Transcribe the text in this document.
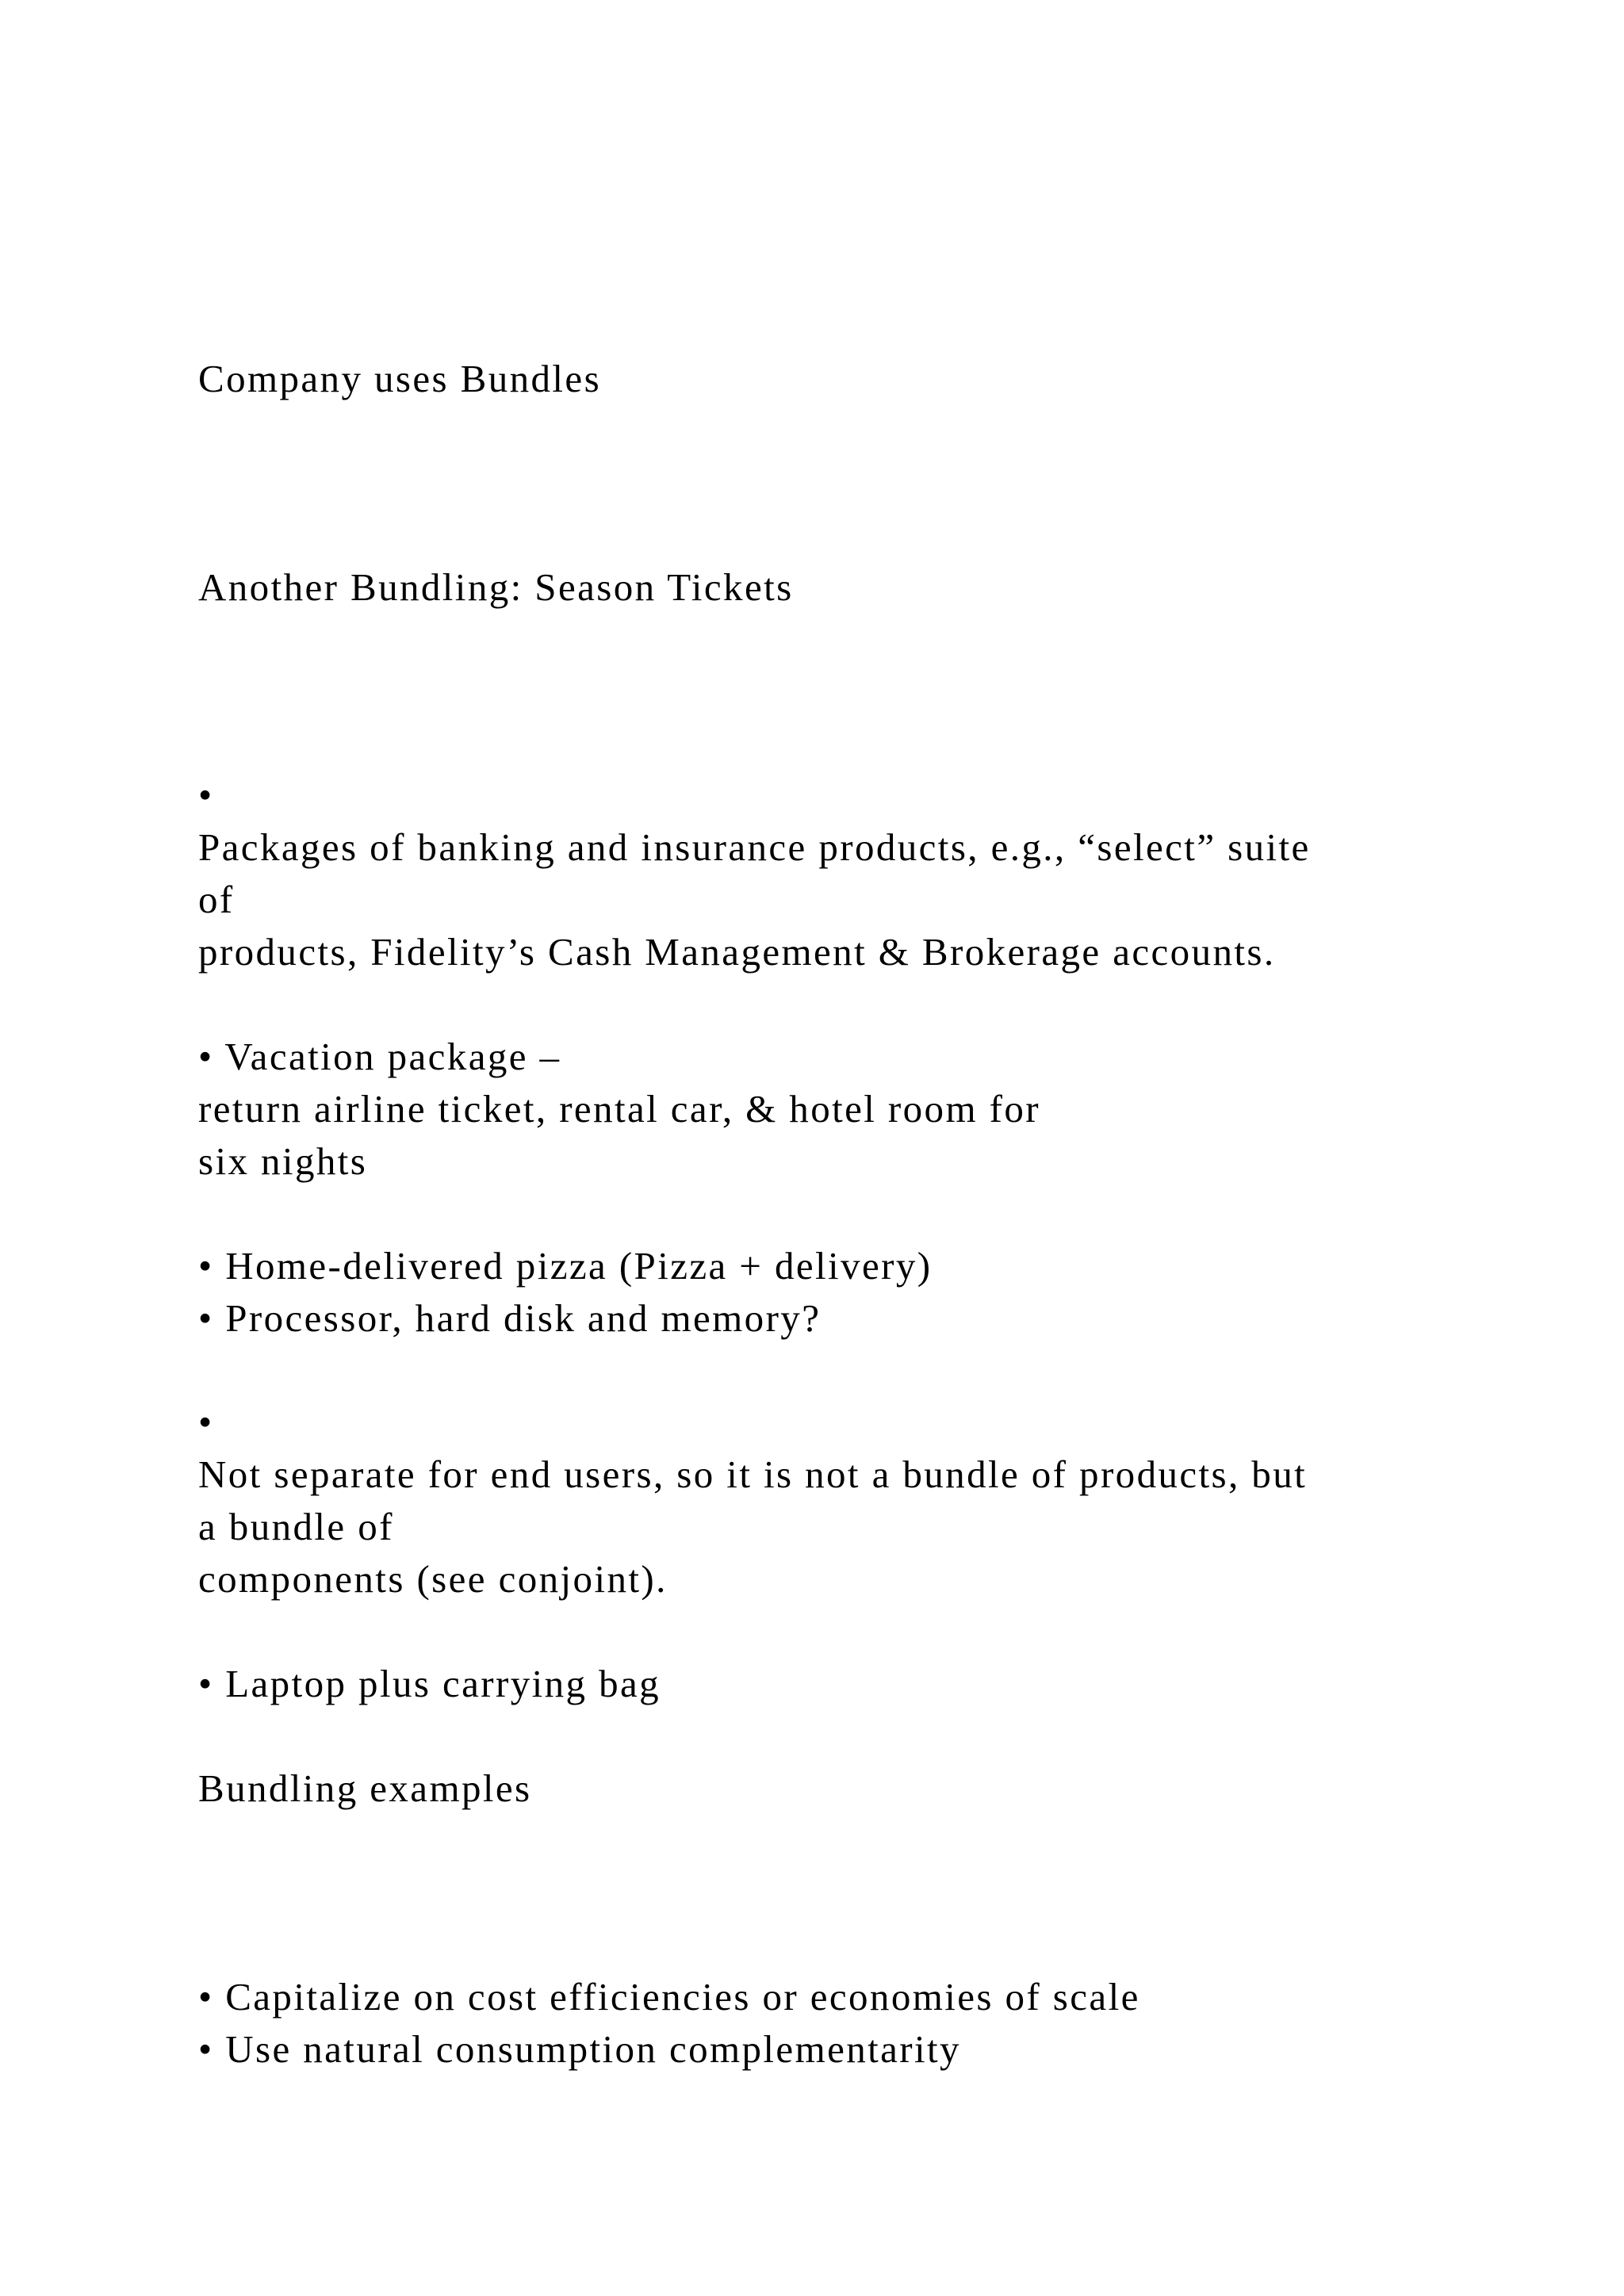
Company uses Bundles

Another Bundling: Season Tickets

•

Packages of banking and insurance products, e.g., “select” suite

of

products, Fidelity’s Cash Management & Brokerage accounts.

• Vacation package –

return airline ticket, rental car, & hotel room for

six nights

• Home-delivered pizza (Pizza + delivery)

• Processor, hard disk and memory?

•

Not separate for end users, so it is not a bundle of products, but

a bundle of

components (see conjoint).

• Laptop plus carrying bag

Bundling examples

• Capitalize on cost efficiencies or economies of scale

• Use natural consumption complementarity
